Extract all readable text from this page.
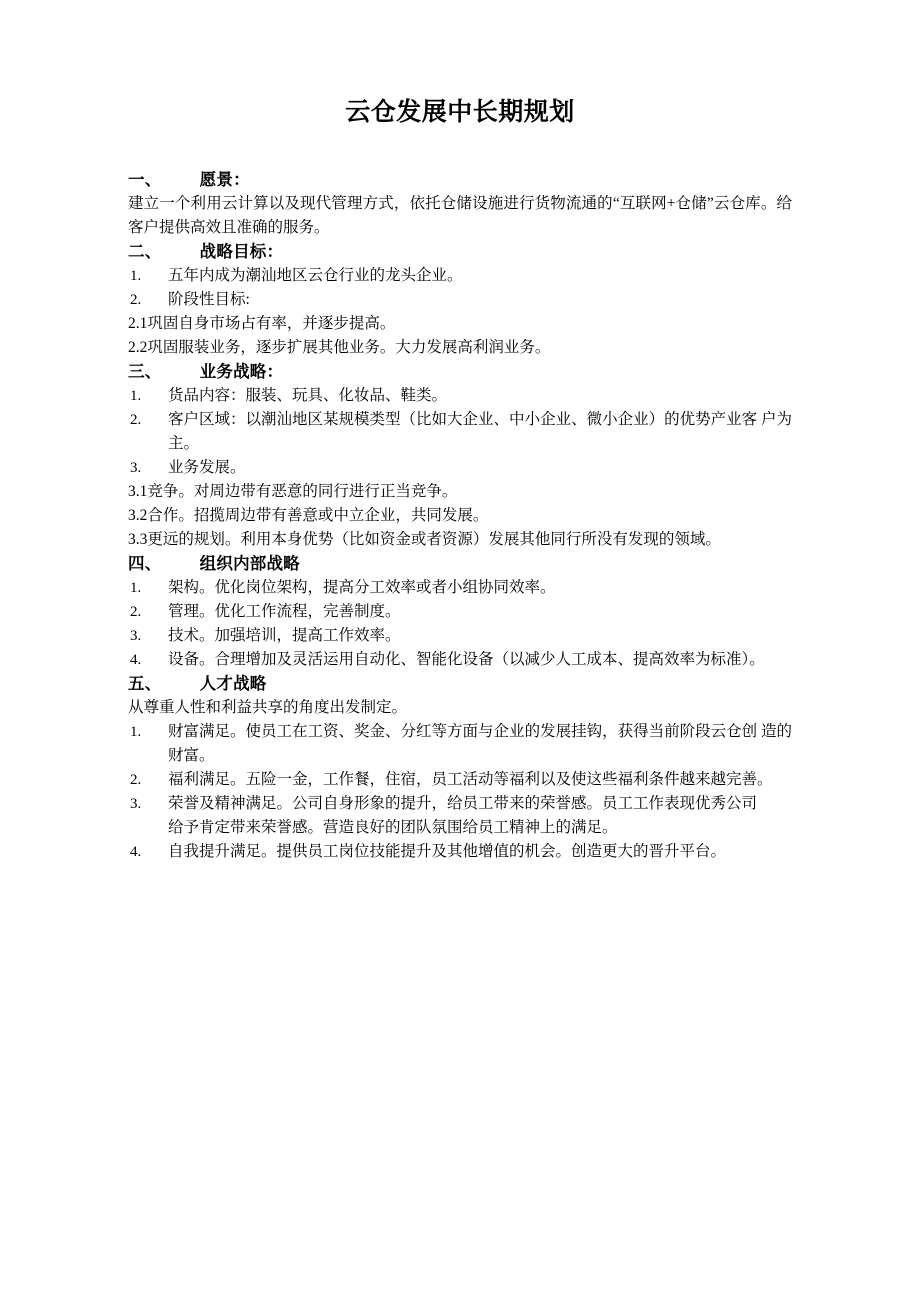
云仓发展中长期规划
一、        愿景：
建立一个利用云计算以及现代管理方式，依托仓储设施进行货物流通的“互联网+仓储”云仓库。给客户提供高效且准确的服务。
二、        战略目标：
1.	五年内成为潮汕地区云仓行业的龙头企业。
2.	阶段性目标:
2.1巩固自身市场占有率，并逐步提高。
2.2巩固服装业务，逐步扩展其他业务。大力发展高利润业务。
三、        业务战略：
1.	货品内容：服装、玩具、化妆品、鞋类。
2.	客户区域：以潮汕地区某规模类型（比如大企业、中小企业、微小企业）的优势产业客 户为主。
3.	业务发展。
3.1竞争。对周边带有恶意的同行进行正当竞争。
3.2合作。招揽周边带有善意或中立企业，共同发展。
3.3更远的规划。利用本身优势（比如资金或者资源）发展其他同行所没有发现的领域。
四、        组织内部战略
1.	架构。优化岗位架构，提高分工效率或者小组协同效率。
2.	管理。优化工作流程，完善制度。
3.	技术。加强培训，提高工作效率。
4.	设备。合理增加及灵活运用自动化、智能化设备（以减少人工成本、提高效率为标准）。
五、        人才战略
从尊重人性和利益共享的角度出发制定。
1.	财富满足。使员工在工资、奖金、分红等方面与企业的发展挂钩，获得当前阶段云仓创 造的财富。
2.	福利满足。五险一金，工作餐，住宿，员工活动等福利以及使这些福利条件越来越完善。
3.	荣誉及精神满足。公司自身形象的提升，给员工带来的荣誉感。员工工作表现优秀公司
给予肯定带来荣誉感。营造良好的团队氛围给员工精神上的满足。
4.	自我提升满足。提供员工岗位技能提升及其他增值的机会。创造更大的晋升平台。
